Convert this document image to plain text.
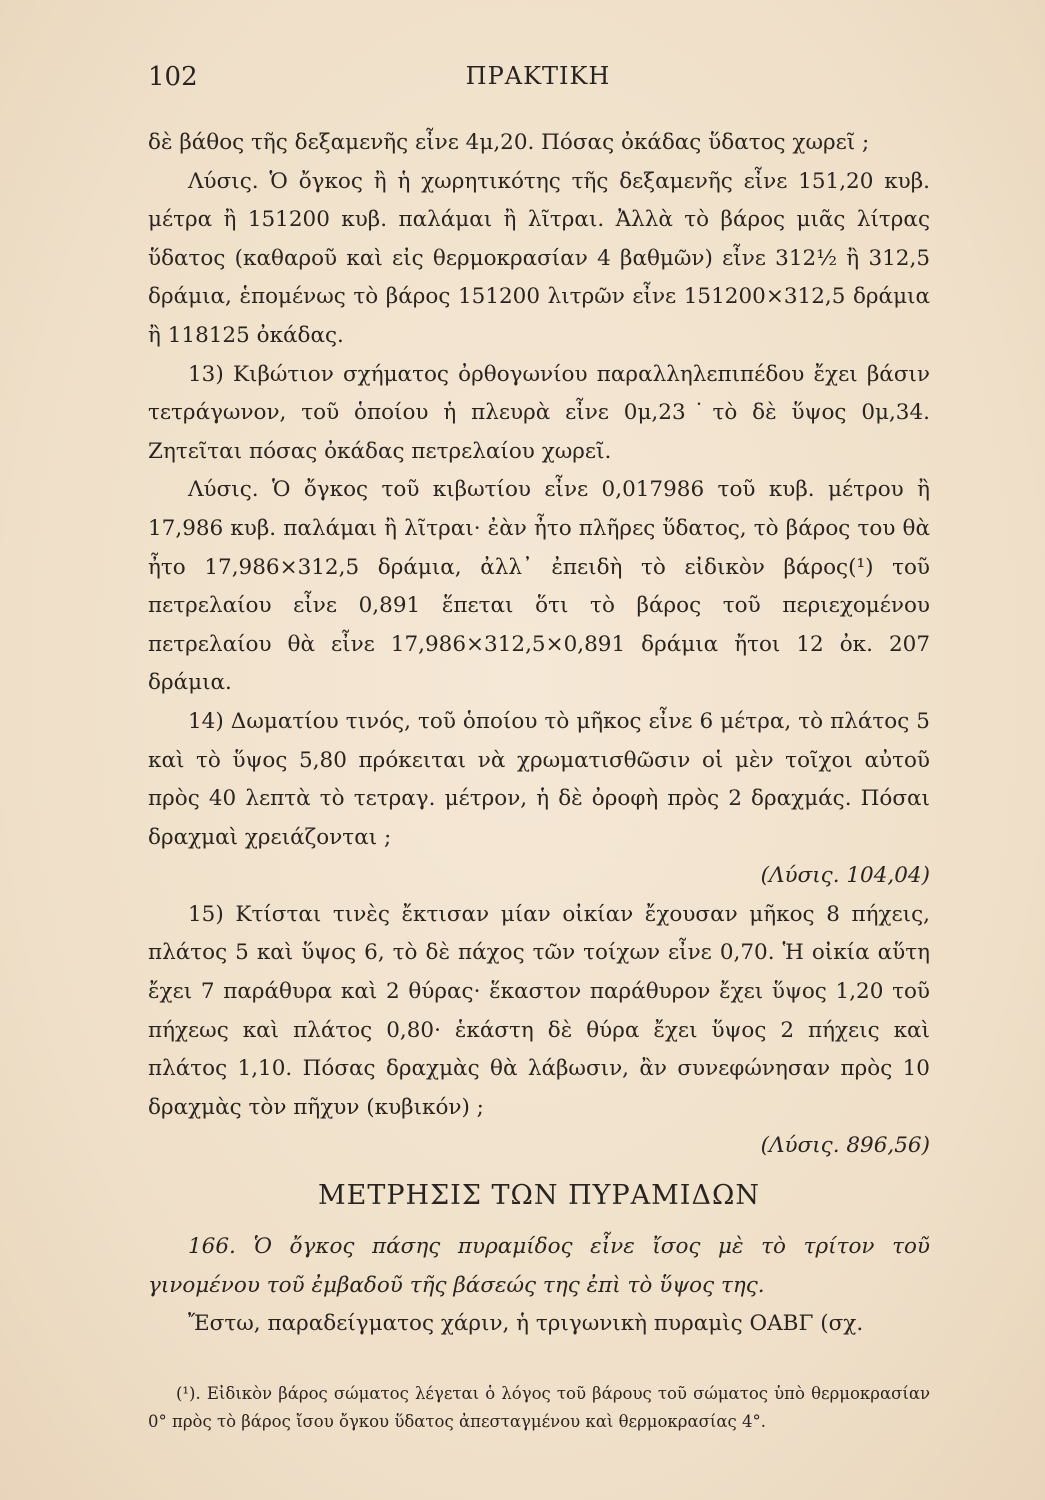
102	ΠΡΑΚΤΙΚΗ

δὲ βάθος τῆς δεξαμενῆς εἶνε 4μ,20. Πόσας ὀκάδας ὕδατος χωρεῖ ;

Λύσις. Ὁ ὄγκος ἢ ἡ χωρητικότης τῆς δεξαμενῆς εἶνε 151,20 κυβ. μέτρα ἢ 151200 κυβ. παλάμαι ἢ λῖτραι. Ἀλλὰ τὸ βάρος μιᾶς λίτρας ὕδατος (καθαροῦ καὶ εἰς θερμοκρασίαν 4 βαθμῶν) εἶνε 312½ ἢ 312,5 δράμια, ἑπομένως τὸ βάρος 151200 λιτρῶν εἶνε 151200×312,5 δράμια ἢ 118125 ὀκάδας.

13) Κιβώτιον σχήματος ὀρθογωνίου παραλληλεπιπέδου ἔχει βάσιν τετράγωνον, τοῦ ὁποίου ἡ πλευρὰ εἶνε 0μ,23˙τὸ δὲ ὕψος 0μ,34. Ζητεῖται πόσας ὀκάδας πετρελαίου χωρεῖ.

Λύσις. Ὁ ὄγκος τοῦ κιβωτίου εἶνε 0,017986 τοῦ κυβ. μέτρου ἢ 17,986 κυβ. παλάμαι ἢ λῖτραι· ἐὰν ἦτο πλῆρες ὕδατος, τὸ βάρος του θὰ ἦτο 17,986×312,5 δράμια, ἀλλ᾽ ἐπειδὴ τὸ εἰδικὸν βάρος(¹) τοῦ πετρελαίου εἶνε 0,891 ἕπεται ὅτι τὸ βάρος τοῦ περιεχομένου πετρελαίου θὰ εἶνε 17,986×312,5×0,891 δράμια ἤτοι 12 ὀκ. 207 δράμια.

14) Δωματίου τινός, τοῦ ὁποίου τὸ μῆκος εἶνε 6 μέτρα, τὸ πλάτος 5 καὶ τὸ ὕψος 5,80 πρόκειται νὰ χρωματισθῶσιν οἱ μὲν τοῖχοι αὐτοῦ πρὸς 40 λεπτὰ τὸ τετραγ. μέτρον, ἡ δὲ ὀροφὴ πρὸς 2 δραχμάς. Πόσαι δραχμαὶ χρειάζονται ;

(Λύσις. 104,04)

15) Κτίσται τινὲς ἔκτισαν μίαν οἰκίαν ἔχουσαν μῆκος 8 πήχεις, πλάτος 5 καὶ ὕψος 6, τὸ δὲ πάχος τῶν τοίχων εἶνε 0,70. Ἡ οἰκία αὕτη ἔχει 7 παράθυρα καὶ 2 θύρας· ἕκαστον παράθυρον ἔχει ὕψος 1,20 τοῦ πήχεως καὶ πλάτος 0,80· ἑκάστη δὲ θύρα ἔχει ὕψος 2 πήχεις καὶ πλάτος 1,10. Πόσας δραχμὰς θὰ λάβωσιν, ἂν συνεφώνησαν πρὸς 10 δραχμὰς τὸν πῆχυν (κυβικόν) ;

(Λύσις. 896,56)

ΜΕΤΡΗΣΙΣ ΤΩΝ ΠΥΡΑΜΙΔΩΝ

166. Ὁ ὄγκος πάσης πυραμίδος εἶνε ἴσος μὲ τὸ τρίτον τοῦ γινομένου τοῦ ἐμβαδοῦ τῆς βάσεώς της ἐπὶ τὸ ὕψος της.

Ἔστω, παραδείγματος χάριν, ἡ τριγωνικὴ πυραμὶς ΟΑΒΓ (σχ.

(¹). Εἰδικὸν βάρος σώματος λέγεται ὁ λόγος τοῦ βάρους τοῦ σώματος ὑπὸ θερμοκρασίαν 0° πρὸς τὸ βάρος ἴσου ὄγκου ὕδατος ἀπεσταγμένου καὶ θερμοκρασίας 4°.
